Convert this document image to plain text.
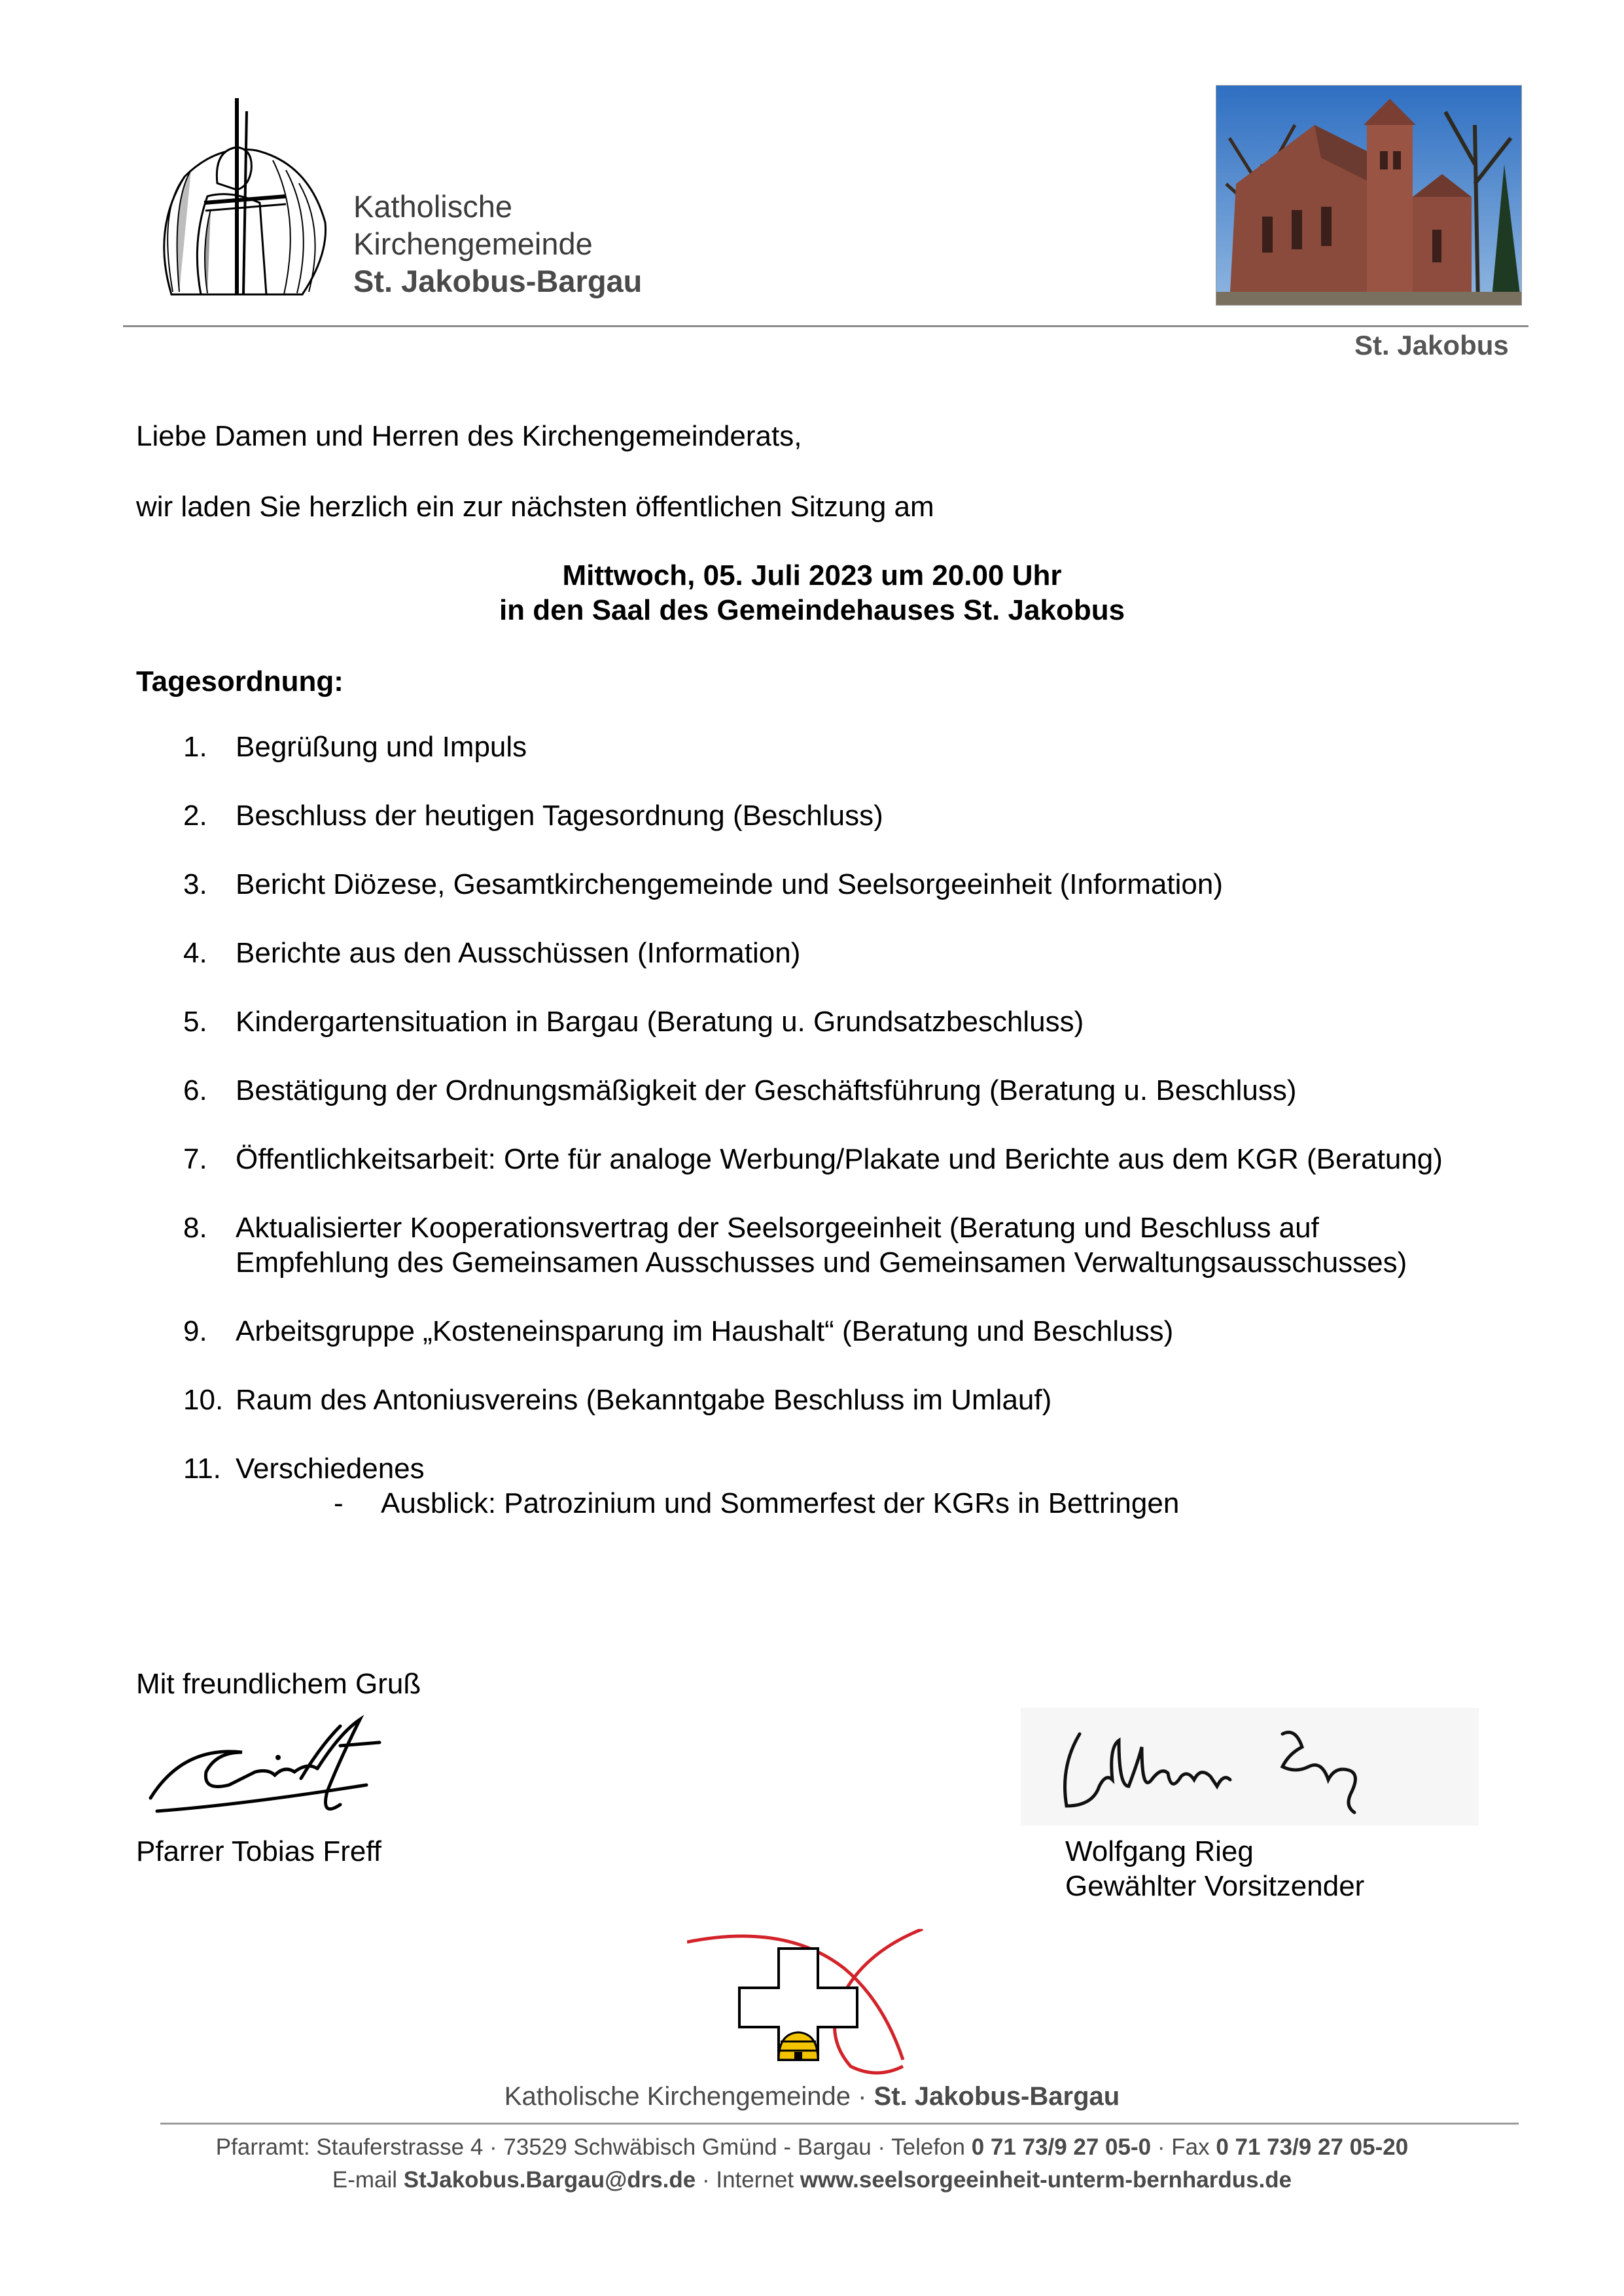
Katholische
Kirchengemeinde
St. Jakobus-Bargau
St. Jakobus
Liebe Damen und Herren des Kirchengemeinderats,
wir laden Sie herzlich ein zur nächsten öffentlichen Sitzung am
Mittwoch, 05. Juli 2023 um 20.00 Uhr
in den Saal des Gemeindehauses St. Jakobus
Tagesordnung:
1. Begrüßung und Impuls
2. Beschluss der heutigen Tagesordnung (Beschluss)
3. Bericht Diözese, Gesamtkirchengemeinde und Seelsorgeeinheit (Information)
4. Berichte aus den Ausschüssen (Information)
5. Kindergartensituation in Bargau (Beratung u. Grundsatzbeschluss)
6. Bestätigung der Ordnungsmäßigkeit der Geschäftsführung (Beratung u. Beschluss)
7. Öffentlichkeitsarbeit: Orte für analoge Werbung/Plakate und Berichte aus dem KGR (Beratung)
8. Aktualisierter Kooperationsvertrag der Seelsorgeeinheit (Beratung und Beschluss auf
Empfehlung des Gemeinsamen Ausschusses und Gemeinsamen Verwaltungsausschusses)
9. Arbeitsgruppe „Kosteneinsparung im Haushalt“ (Beratung und Beschluss)
10. Raum des Antoniusvereins (Bekanntgabe Beschluss im Umlauf)
11. Verschiedenes
- Ausblick: Patrozinium und Sommerfest der KGRs in Bettringen
Mit freundlichem Gruß
Pfarrer Tobias Freff	Wolfgang Rieg
Gewählter Vorsitzender
Katholische Kirchengemeinde · St. Jakobus-Bargau
Pfarramt: Stauferstrasse 4 · 73529 Schwäbisch Gmünd - Bargau · Telefon 0 71 73/9 27 05-0 · Fax 0 71 73/9 27 05-20
E-mail StJakobus.Bargau@drs.de · Internet www.seelsorgeeinheit-unterm-bernhardus.de
